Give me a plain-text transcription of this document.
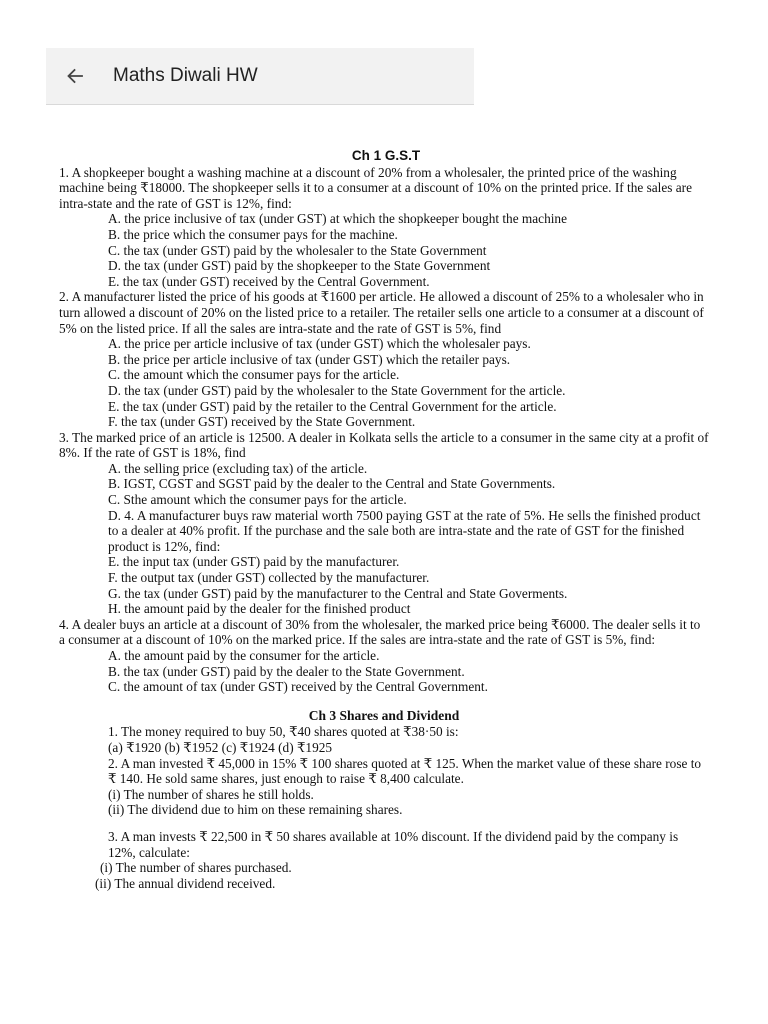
Maths Diwali HW
Ch 1 G.S.T

1. A shopkeeper bought a washing machine at a discount of 20% from a wholesaler, the printed price of the washing machine being ₹18000. The shopkeeper sells it to a consumer at a discount of 10% on the printed price. If the sales are intra-state and the rate of GST is 12%, find:

A. the price inclusive of tax (under GST) at which the shopkeeper bought the machine
B. the price which the consumer pays for the machine.
C. the tax (under GST) paid by the wholesaler to the State Government
D. the tax (under GST) paid by the shopkeeper to the State Government
E. the tax (under GST) received by the Central Government.

2. A manufacturer listed the price of his goods at ₹1600 per article. He allowed a discount of 25% to a wholesaler who in turn allowed a discount of 20% on the listed price to a retailer. The retailer sells one article to a consumer at a discount of 5% on the listed price. If all the sales are intra-state and the rate of GST is 5%, find

A. the price per article inclusive of tax (under GST) which the wholesaler pays.
B. the price per article inclusive of tax (under GST) which the retailer pays.
C. the amount which the consumer pays for the article.
D. the tax (under GST) paid by the wholesaler to the State Government for the article.
E. the tax (under GST) paid by the retailer to the Central Government for the article.
F. the tax (under GST) received by the State Government.

3. The marked price of an article is 12500. A dealer in Kolkata sells the article to a consumer in the same city at a profit of 8%. If the rate of GST is 18%, find

A. the selling price (excluding tax) of the article.
B. IGST, CGST and SGST paid by the dealer to the Central and State Governments.
C. Sthe amount which the consumer pays for the article.
D. 4. A manufacturer buys raw material worth 7500 paying GST at the rate of 5%. He sells the finished product to a dealer at 40% profit. If the purchase and the sale both are intra-state and the rate of GST for the finished product is 12%, find:
E. the input tax (under GST) paid by the manufacturer.
F. the output tax (under GST) collected by the manufacturer.
G. the tax (under GST) paid by the manufacturer to the Central and State Goverments.
H. the amount paid by the dealer for the finished product

4. A dealer buys an article at a discount of 30% from the wholesaler, the marked price being ₹6000. The dealer sells it to a consumer at a discount of 10% on the marked price. If the sales are intra-state and the rate of GST is 5%, find:

A. the amount paid by the consumer for the article.
B. the tax (under GST) paid by the dealer to the State Government.
C. the amount of tax (under GST) received by the Central Government.
Ch 3 Shares and Dividend

1. The money required to buy 50, ₹40 shares quoted at ₹38·50 is:

(a) ₹1920 (b) ₹1952 (c) ₹1924 (d) ₹1925

2. A man invested ₹ 45,000 in 15% ₹ 100 shares quoted at ₹ 125. When the market value of these share rose to ₹ 140. He sold same shares, just enough to raise ₹ 8,400 calculate.

(i) The number of shares he still holds.

(ii) The dividend due to him on these remaining shares.

3. A man invests ₹ 22,500 in ₹ 50 shares available at 10% discount. If the dividend paid by the company is 12%, calculate:

(i) The number of shares purchased.

(ii) The annual dividend received.
